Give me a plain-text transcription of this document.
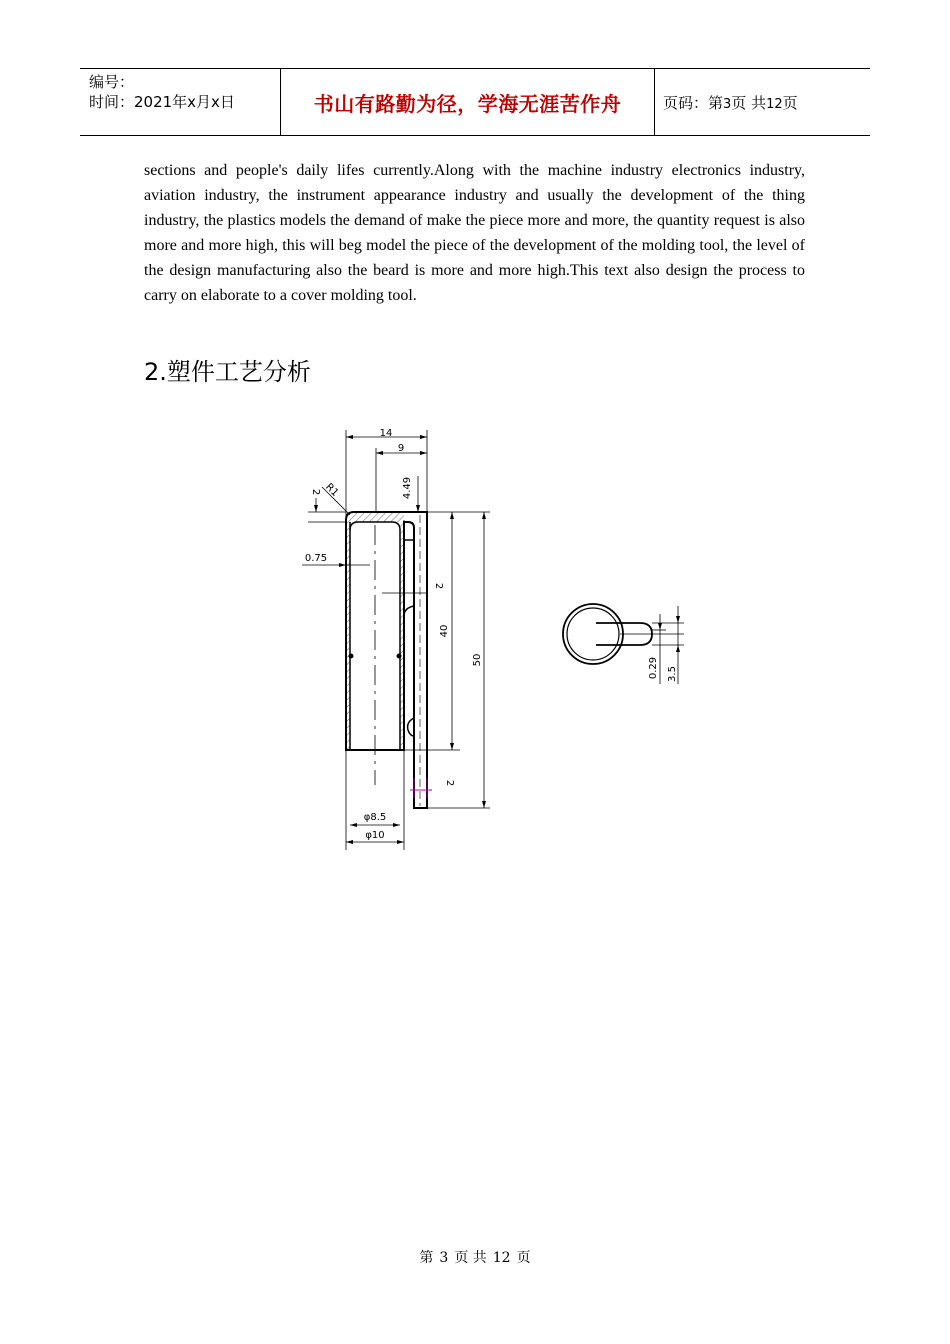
编号：
时间：2021年x月x日	书山有路勤为径，学海无涯苦作舟	页码：第3页 共12页
sections and people's daily lifes currently.Along with the machine industry electronics industry, aviation industry, the instrument appearance industry and usually the development of the thing industry, the plastics models the demand of make the piece more and more, the quantity request is also more and more high, this will beg model the piece of the development of the molding tool, the level of the design manufacturing also the beard is more and more high.This text also design the process to carry on elaborate to a cover molding tool.
2.塑件工艺分析
14
9
2 R1	4.49
0.75
2
40
50
2
φ8.5
φ10
0.29 3.5
第 3 页 共 12 页
